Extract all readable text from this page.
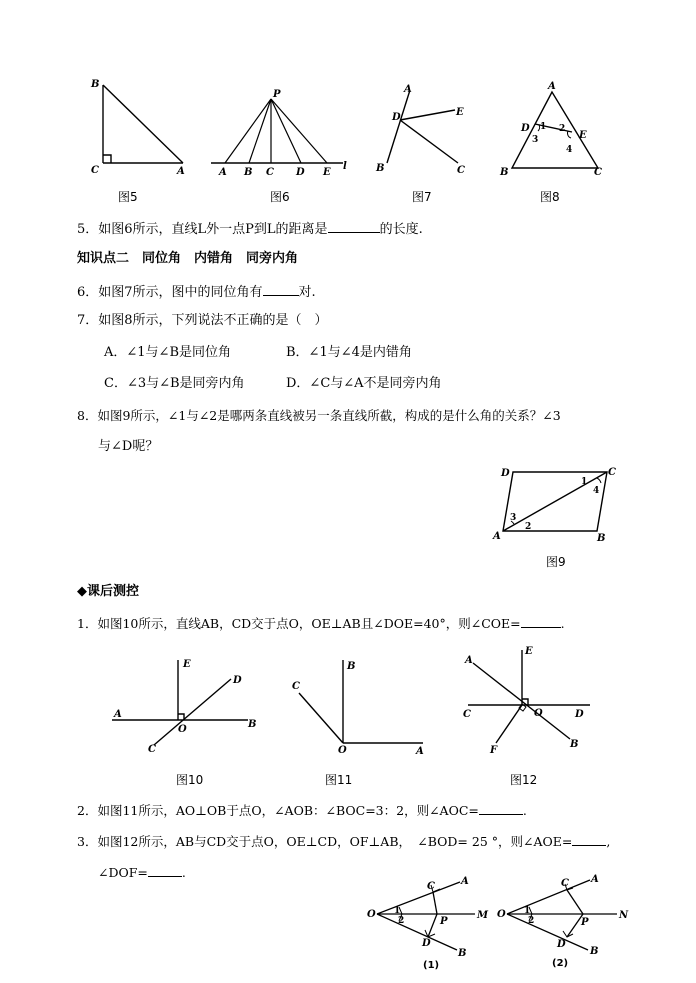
B
C	A
图5
P
A B C D E
l
图6
A
D	E
B	C
图7
A
D
E
B	C
1 2
3
4
图8
5．如图6所示，直线L外一点P到L的距离是	的长度.
知识点二　同位角　内错角　同旁内角
6．如图7所示，图中的同位角有	对.
7．如图8所示，下列说法不正确的是（　）
A．∠1与∠B是同位角	B．∠1与∠4是内错角
C．∠3与∠B是同旁内角	D．∠C与∠A不是同旁内角
8．如图9所示，∠1与∠2是哪两条直线被另一条直线所截，构成的是什么角的关系？∠3
与∠D呢？
D	C
A	B
1
4
3
2
图9
◆课后测控
1．如图10所示，直线AB，CD交于点O，OE⊥AB且∠DOE=40°，则∠COE=	.
E
D
A
O	B
C
图10
C
B
O	A
图11
A
E
C	O	D
F
B
图12
2．如图11所示，AO⊥OB于点O，∠AOB：∠BOC=3：2，则∠AOC=	.
3．如图12所示，AB与CD交于点O，OE⊥CD，OF⊥AB，　∠BOD= 25 °，则∠AOE=	,
∠DOF=	.
O
C	A
P
M
D
B
1
2
(1)
O
C A
P
N
D
B
1
2
(2)
